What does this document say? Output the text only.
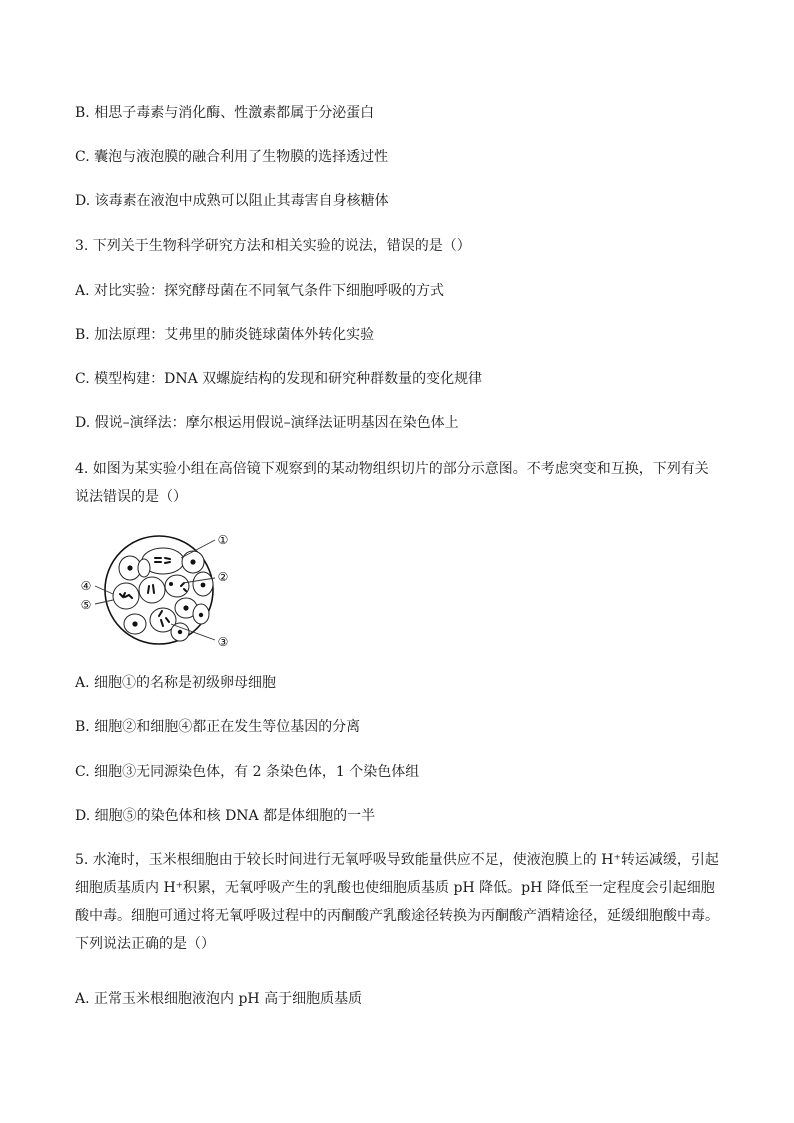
B. 相思子毒素与消化酶、性激素都属于分泌蛋白
C. 囊泡与液泡膜的融合利用了生物膜的选择透过性
D. 该毒素在液泡中成熟可以阻止其毒害自身核糖体
3. 下列关于生物科学研究方法和相关实验的说法，错误的是（）
A. 对比实验：探究酵母菌在不同氧气条件下细胞呼吸的方式
B. 加法原理：艾弗里的肺炎链球菌体外转化实验
C. 模型构建：DNA 双螺旋结构的发现和研究种群数量的变化规律
D. 假说–演绎法：摩尔根运用假说–演绎法证明基因在染色体上
4. 如图为某实验小组在高倍镜下观察到的某动物组织切片的部分示意图。不考虑突变和互换，下列有关说法错误的是（）
①
②
③
④
⑤
A. 细胞①的名称是初级卵母细胞
B. 细胞②和细胞④都正在发生等位基因的分离
C. 细胞③无同源染色体，有 2 条染色体，1 个染色体组
D. 细胞⑤的染色体和核 DNA 都是体细胞的一半
5. 水淹时，玉米根细胞由于较长时间进行无氧呼吸导致能量供应不足，使液泡膜上的 H⁺转运减缓，引起细胞质基质内 H⁺积累，无氧呼吸产生的乳酸也使细胞质基质 pH 降低。pH 降低至一定程度会引起细胞酸中毒。细胞可通过将无氧呼吸过程中的丙酮酸产乳酸途径转换为丙酮酸产酒精途径，延缓细胞酸中毒。下列说法正确的是（）
A. 正常玉米根细胞液泡内 pH 高于细胞质基质
